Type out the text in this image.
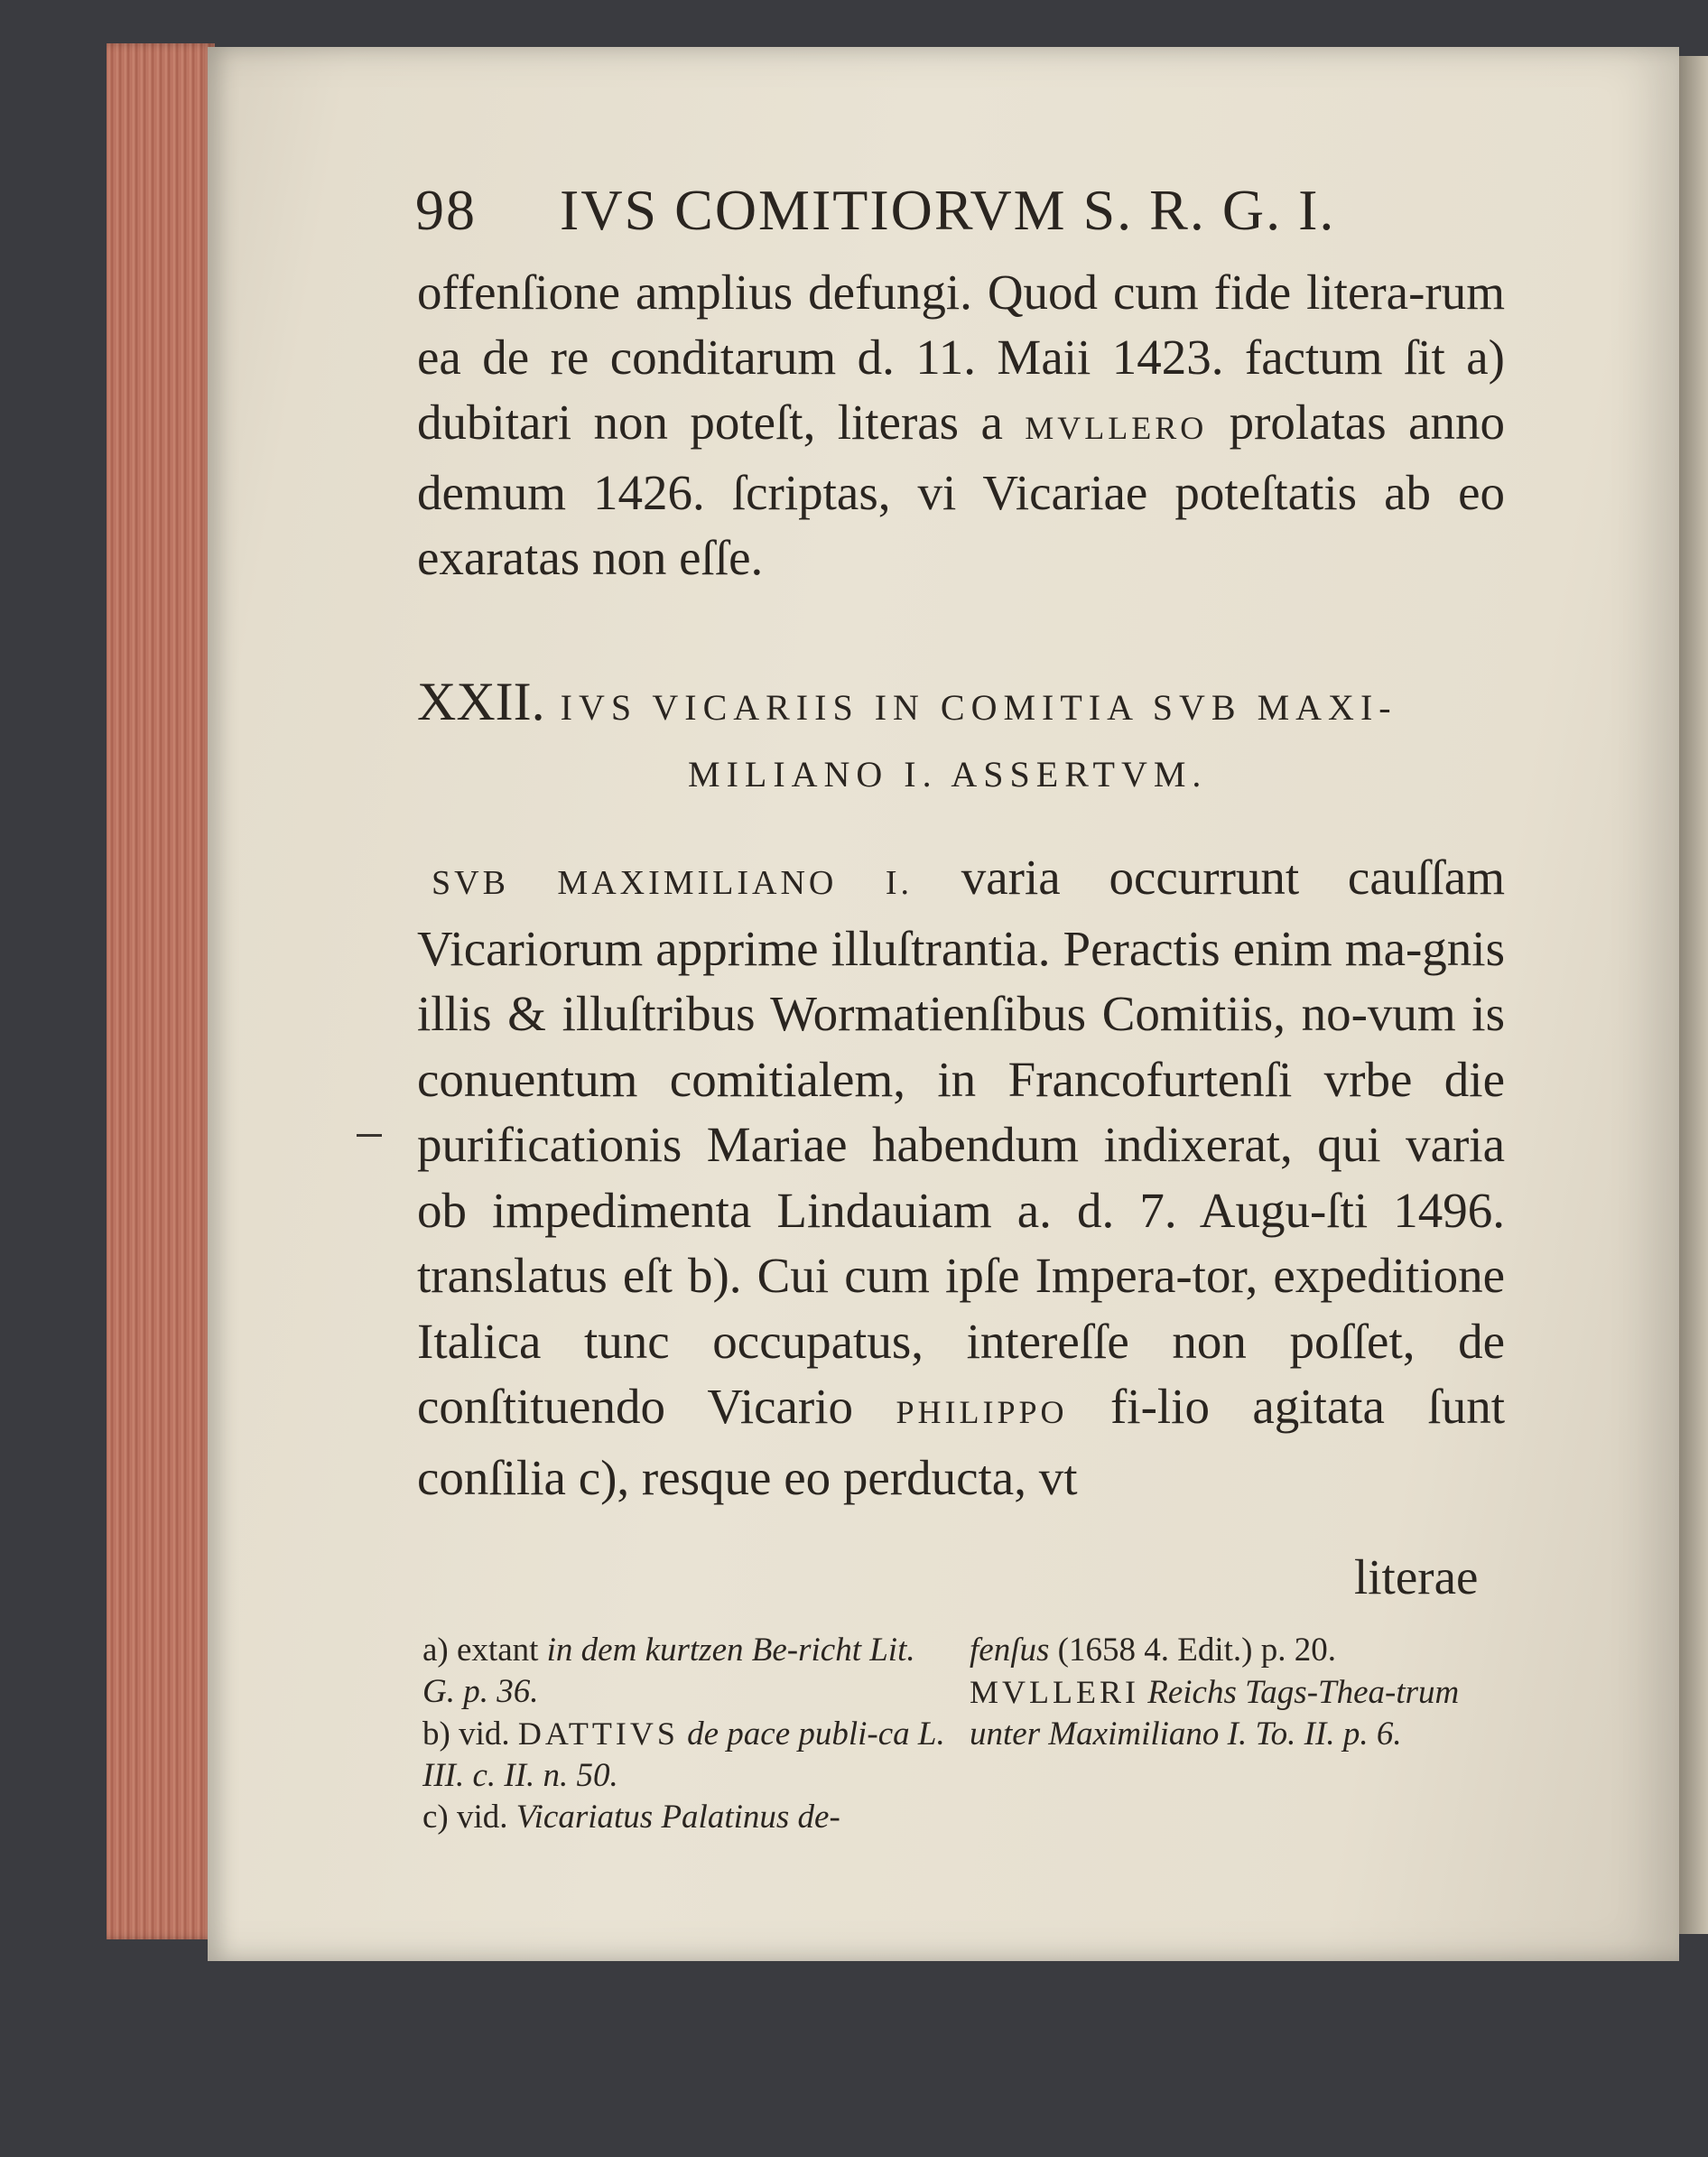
98 IVS COMITIORVM S. R. G. I.
offenſione amplius defungi. Quod cum fide litera-rum ea de re conditarum d. 11. Maii 1423. factum ſit a) dubitari non poteſt, literas a MVLLERO prolatas anno demum 1426. ſcriptas, vi Vicariae poteſtatis ab eo exaratas non eſſe.
XXII. IVS VICARIIS IN COMITIA SVB MAXI-
MILIANO I. ASSERTVM.
SVB MAXIMILIANO I. varia occurrunt cauſſam Vicariorum apprime illuſtrantia. Peractis enim ma-gnis illis & illuſtribus Wormatienſibus Comitiis, no-vum is conuentum comitialem, in Francofurtenſi vrbe die purificationis Mariae habendum indixerat, qui varia ob impedimenta Lindauiam a. d. 7. Augu-ſti 1496. translatus eſt b). Cui cum ipſe Impera-tor, expeditione Italica tunc occupatus, intereſſe non poſſet, de conſtituendo Vicario PHILIPPO fi-lio agitata ſunt conſilia c), resque eo perducta, vt
literae
a) extant in dem kurtzen Be-richt Lit. G. p. 36.
b) vid. DATTIVS de pace publi-ca L. III. c. II. n. 50.
c) vid. Vicariatus Palatinus de-
fenſus (1658 4. Edit.) p. 20.
MVLLERI Reichs Tags-Thea-trum unter Maximiliano I. To. II. p. 6.
